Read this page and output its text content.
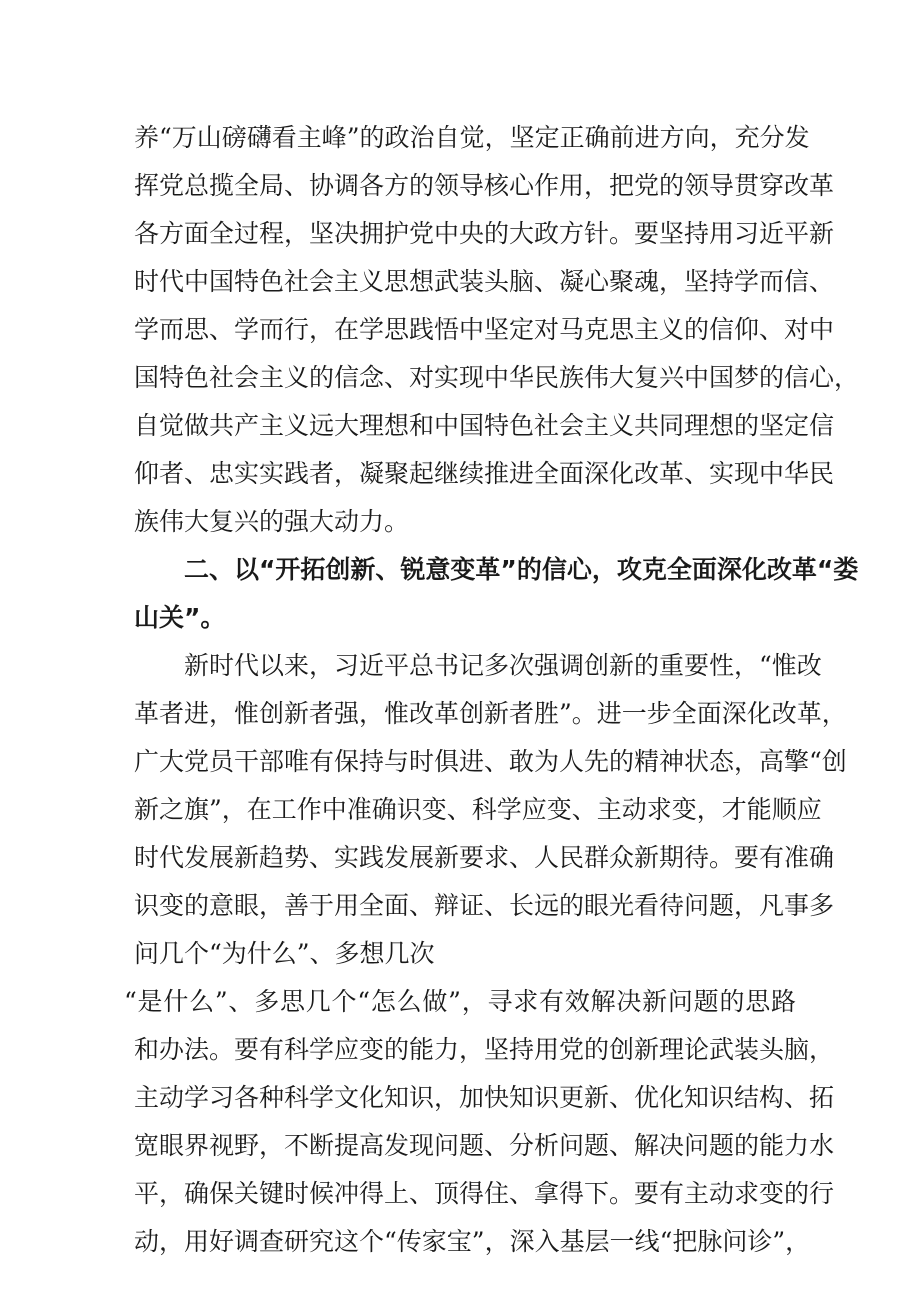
养“万山磅礴看主峰”的政治自觉，坚定正确前进方向，充分发
挥党总揽全局、协调各方的领导核心作用，把党的领导贯穿改革
各方面全过程，坚决拥护党中央的大政方针。要坚持用习近平新
时代中国特色社会主义思想武装头脑、凝心聚魂，坚持学而信、
学而思、学而行，在学思践悟中坚定对马克思主义的信仰、对中
国特色社会主义的信念、对实现中华民族伟大复兴中国梦的信心，
自觉做共产主义远大理想和中国特色社会主义共同理想的坚定信
仰者、忠实实践者，凝聚起继续推进全面深化改革、实现中华民
族伟大复兴的强大动力。
二、以“开拓创新、锐意变革”的信心，攻克全面深化改革“娄
山关”。
新时代以来，习近平总书记多次强调创新的重要性，“惟改
革者进，惟创新者强，惟改革创新者胜”。进一步全面深化改革，
广大党员干部唯有保持与时俱进、敢为人先的精神状态，高擎“创
新之旗”，在工作中准确识变、科学应变、主动求变，才能顺应
时代发展新趋势、实践发展新要求、人民群众新期待。要有准确
识变的意眼，善于用全面、辩证、长远的眼光看待问题，凡事多
问几个“为什么”、多想几次
“是什么”、多思几个“怎么做”，寻求有效解决新问题的思路
和办法。要有科学应变的能力，坚持用党的创新理论武装头脑，
主动学习各种科学文化知识，加快知识更新、优化知识结构、拓
宽眼界视野，不断提高发现问题、分析问题、解决问题的能力水
平，确保关键时候冲得上、顶得住、拿得下。要有主动求变的行
动，用好调查研究这个“传家宝”，深入基层一线“把脉问诊”，
